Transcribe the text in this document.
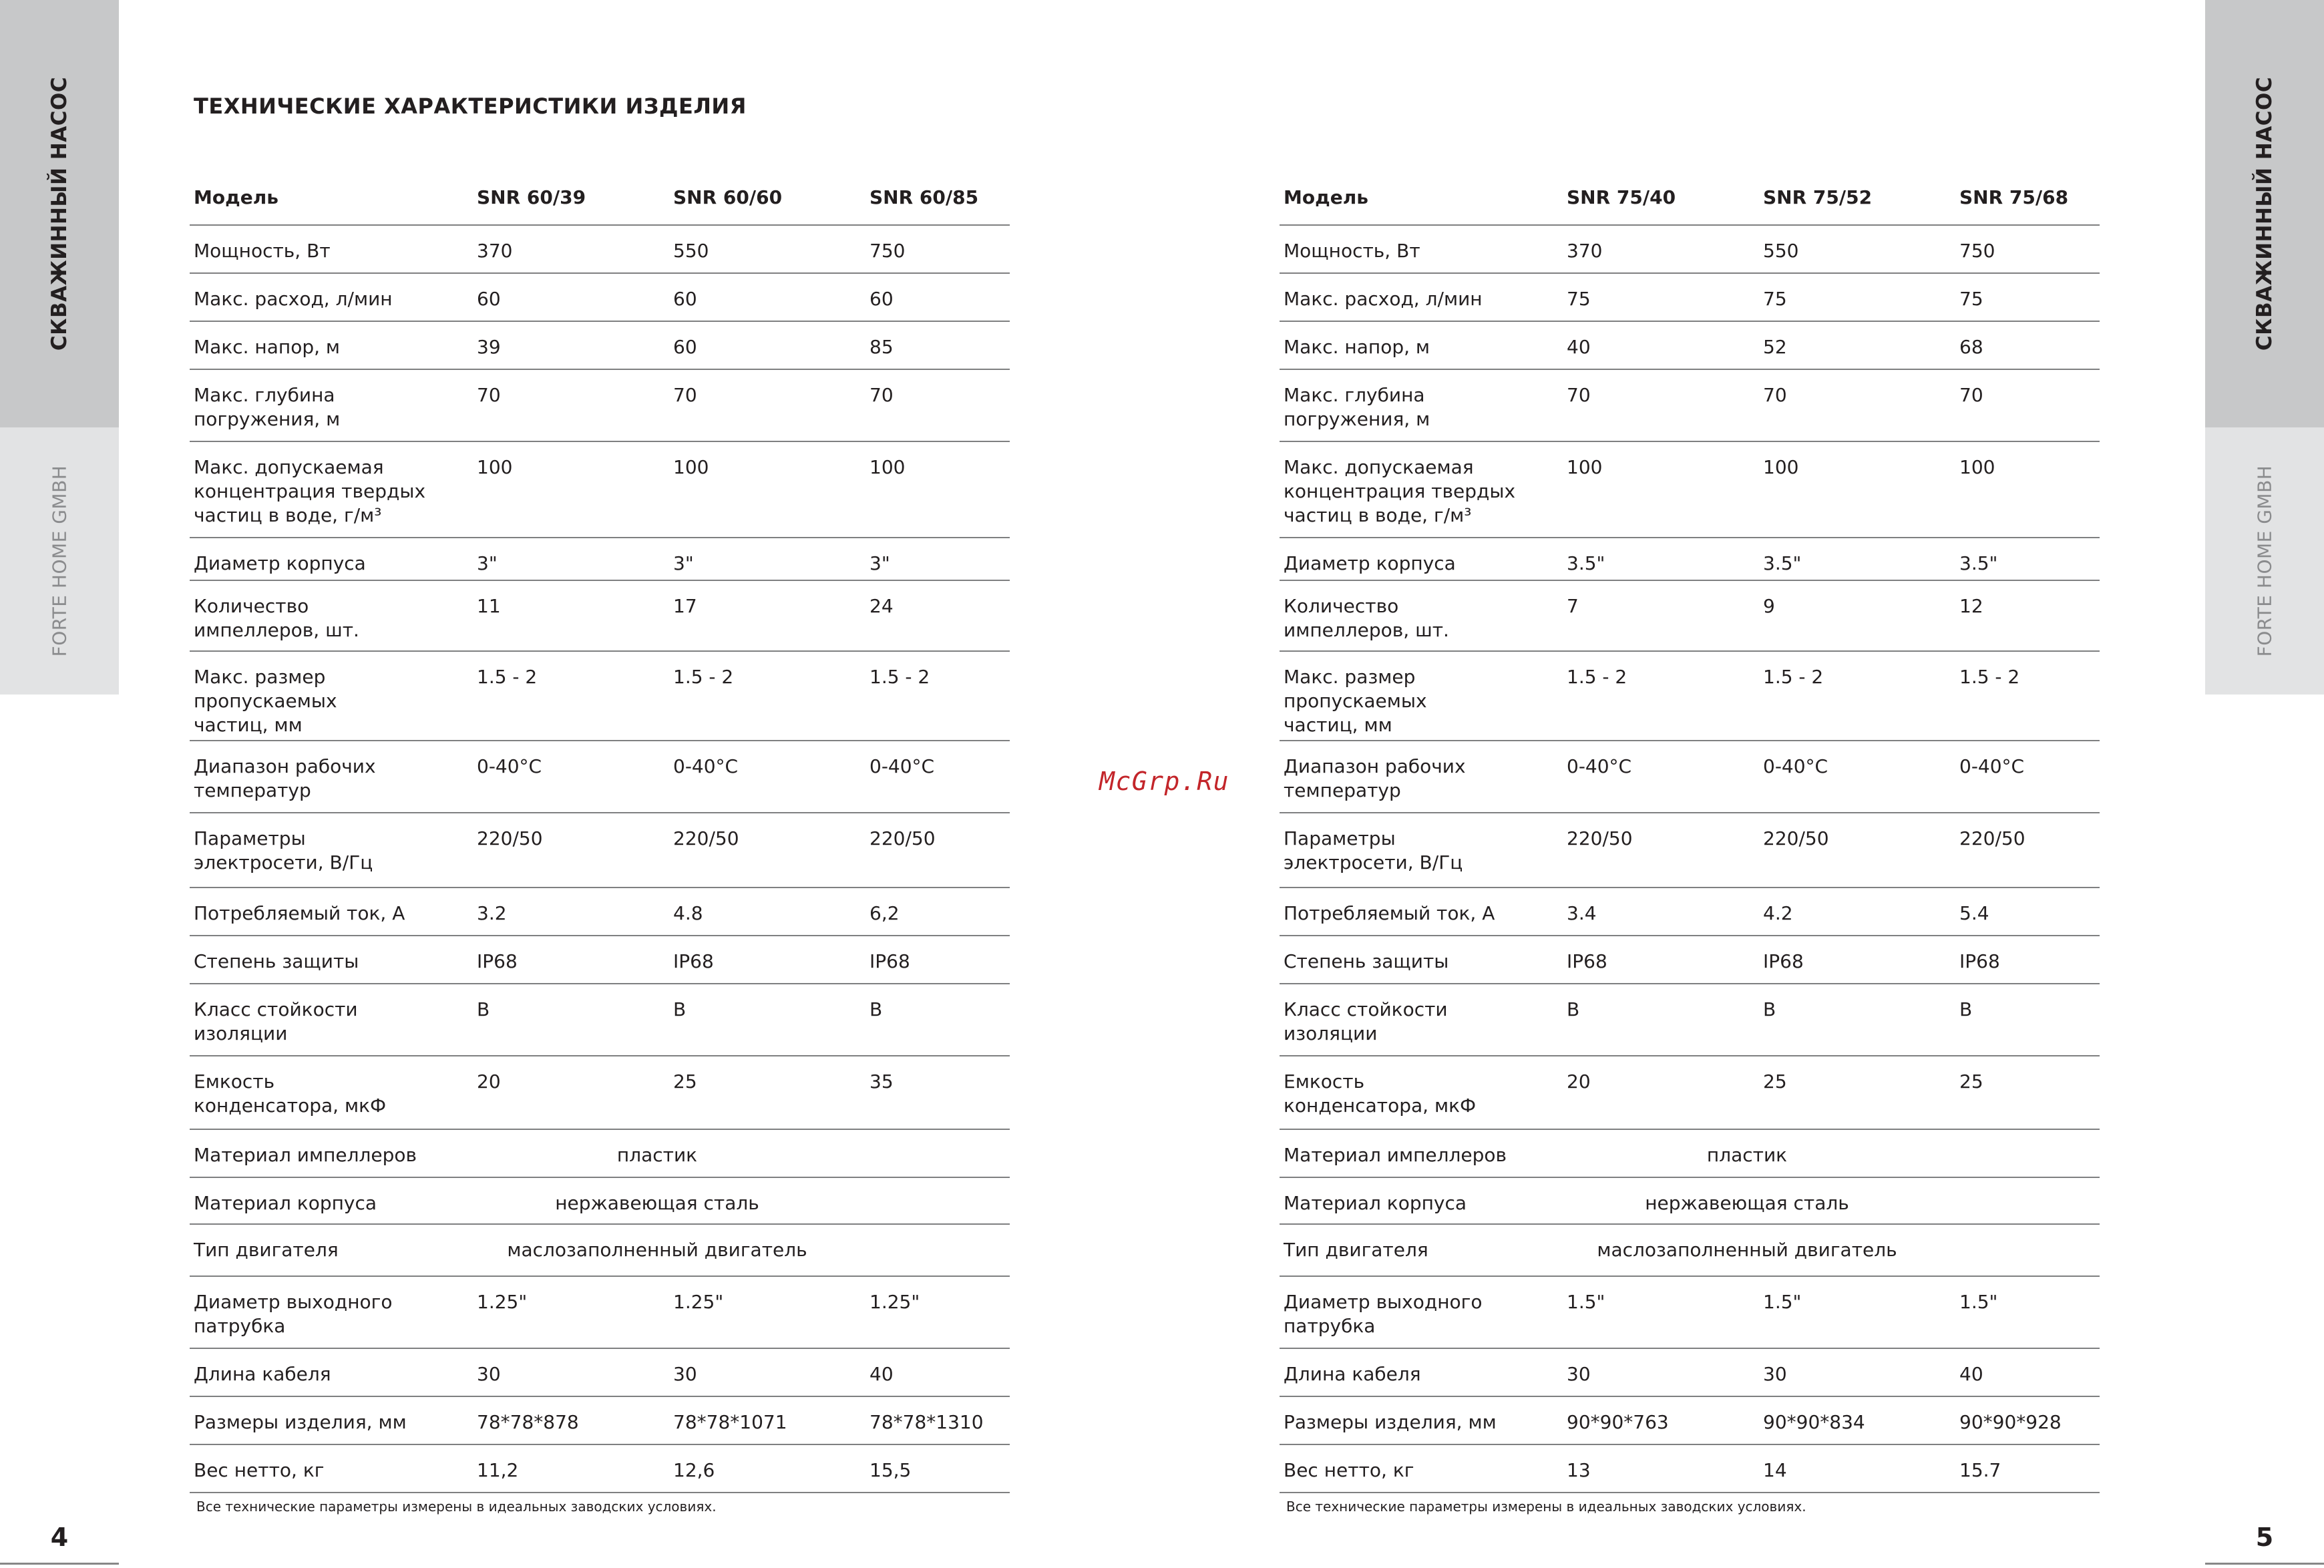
СКВАЖИННЫЙ НАСОС
FORTE HOME GMBH
СКВАЖИННЫЙ НАСОС
FORTE HOME GMBH
ТЕХНИЧЕСКИЕ ХАРАКТЕРИСТИКИ ИЗДЕЛИЯ
McGrp.Ru
Модель	SNR 60/39	SNR 60/60	SNR 60/85
Мощность, Вт	370	550	750
Макс. расход, л/мин	60	60	60
Макс. напор, м	39	60	85
Макс. глубина
погружения, м
70	70	70
Макс. допускаемая
концентрация твердых
частиц в воде, г/м³
100	100	100
Диаметр корпуса	3"	3"	3"
Количество
импеллеров, шт.
11	17	24
Макс. размер
пропускаемых
частиц, мм
1.5 - 2	1.5 - 2	1.5 - 2
Диапазон рабочих
температур
0-40°С	0-40°С	0-40°С
Параметры
электросети, В/Гц
220/50	220/50	220/50
Потребляемый ток, А	3.2	4.8	6,2
Степень защиты	IP68	IP68	IP68
Класс стойкости
изоляции
B	B	B
Емкость
конденсатора, мкФ
20	25	35
Материал импеллеров	пластик
Материал корпуса	нержавеющая сталь
Тип двигателя	маслозаполненный двигатель
Диаметр выходного
патрубка
1.25"	1.25"	1.25"
Длина кабеля	30	30	40
Размеры изделия, мм	78*78*878	78*78*1071	78*78*1310
Вес нетто, кг	11,2	12,6	15,5
Модель	SNR 75/40	SNR 75/52	SNR 75/68
Мощность, Вт	370	550	750
Макс. расход, л/мин	75	75	75
Макс. напор, м	40	52	68
Макс. глубина
погружения, м
70	70	70
Макс. допускаемая
концентрация твердых
частиц в воде, г/м³
100	100	100
Диаметр корпуса	3.5"	3.5"	3.5"
Количество
импеллеров, шт.
7	9	12
Макс. размер
пропускаемых
частиц, мм
1.5 - 2	1.5 - 2	1.5 - 2
Диапазон рабочих
температур
0-40°С	0-40°С	0-40°С
Параметры
электросети, В/Гц
220/50	220/50	220/50
Потребляемый ток, А	3.4	4.2	5.4
Степень защиты	IP68	IP68	IP68
Класс стойкости
изоляции
B	B	B
Емкость
конденсатора, мкФ
20	25	25
Материал импеллеров	пластик
Материал корпуса	нержавеющая сталь
Тип двигателя	маслозаполненный двигатель
Диаметр выходного
патрубка
1.5"	1.5"	1.5"
Длина кабеля	30	30	40
Размеры изделия, мм	90*90*763	90*90*834	90*90*928
Вес нетто, кг	13	14	15.7
Все технические параметры измерены в идеальных заводских условиях.	Все технические параметры измерены в идеальных заводских условиях.
4	5
